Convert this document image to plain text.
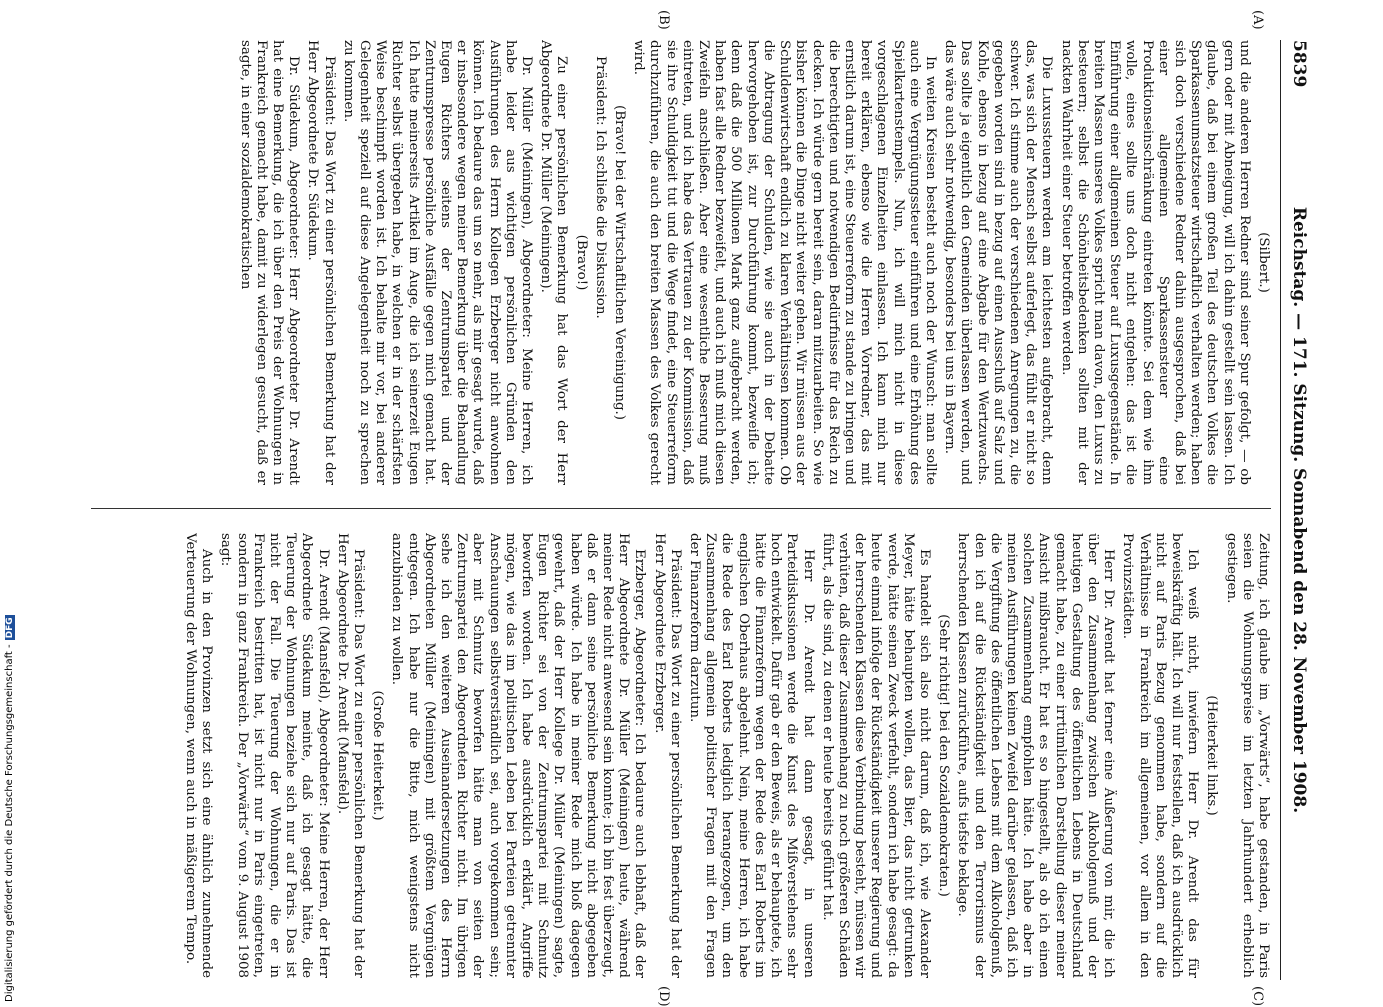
5839
Reichstag. — 171. Sitzung. Sonnabend den 28. November 1908.
(A)
(B)
(C)
(D)

(Silbert.)

und die anderen Herren Redner sind seiner Spur gefolgt, — ob gern oder mit Abneigung, will ich dahin gestellt sein lassen. Ich glaube, daß bei einem großen Teil des deutschen Volkes die Sparkassenumsatzsteuer wirtschaftlich verhalten werden; haben sich doch verschiedene Redner dahin ausgesprochen, daß bei einer allgemeinen Sparkassensteuer eine Produktionseinschränkung eintreten könnte. Sei dem wie ihm wolle, eines sollte uns doch nicht entgehen: das ist die Einführung einer allgemeinen Steuer auf Luxusgegenstände. In breiten Massen unseres Volkes spricht man davon, den Luxus zu besteuern; selbst die Schönheitsbedenken sollten mit der nackten Wahrheit einer Steuer betroffen werden.

Die Luxussteuern werden am leichtesten aufgebracht, denn das, was sich der Mensch selbst auferlegt, das fühlt er nicht so schwer. Ich stimme auch der verschiedenen Anregungen zu, die gegeben worden sind in bezug auf einen Ausschuß auf Salz und Kohle, ebenso in bezug auf eine Abgabe für den Wertzuwachs. Das sollte ja eigentlich den Gemeinden überlassen werden, und das wäre auch sehr notwendig, besonders bei uns in Bayern.

In weiten Kreisen besteht auch noch der Wunsch: man sollte auch eine Vergnügungssteuer einführen und eine Erhöhung des Spielkartenstempels. Nun, ich will mich nicht in diese vorgeschlagenen Einzelheiten einlassen. Ich kann mich nur bereit erklären, ebenso wie die Herren Vorredner, das mit ernstlich darum ist, eine Steuerreform zu stande zu bringen und die berechtigten und notwendigen Bedürfnisse für das Reich zu decken. Ich würde gern bereit sein, daran mitzuarbeiten. So wie bisher können die Dinge nicht weiter gehen. Wir müssen aus der Schuldenwirtschaft endlich zu klaren Verhältnissen kommen. Ob die Abtragung der Schulden, wie sie auch in der Debatte hervorgehoben ist, zur Durchführung kommt, bezweifle ich; denn daß die 500 Millionen Mark ganz aufgebracht werden, haben fast alle Redner bezweifelt, und auch ich muß mich diesen Zweifeln anschließen. Aber eine wesentliche Besserung muß eintreten, und ich habe das Vertrauen zu der Kommission, daß sie ihre Schuldigkeit tut und die Wege findet, eine Steuerreform durchzuführen, die auch den breiten Massen des Volkes gerecht wird.

(Bravo! bei der Wirtschaftlichen Vereinigung.)

Präsident: Ich schließe die Diskussion.

(Bravo!)

Zu einer persönlichen Bemerkung hat das Wort der Herr Abgeordnete Dr. Müller (Meiningen).

Dr. Müller (Meiningen), Abgeordneter: Meine Herren, ich habe leider aus wichtigen persönlichen Gründen den Ausführungen des Herrn Kollegen Erzberger nicht anwohnen können. Ich bedaure das um so mehr, als mir gesagt wurde, daß er insbesondere wegen meiner Bemerkung über die Behandlung Eugen Richters seitens der Zentrumspartei und der Zentrumspresse persönliche Ausfälle gegen mich gemacht hat. Ich hatte meinerseits Artikel im Auge, die ich seinerzeit Eugen Richter selbst übergeben habe, in welchen er in der schärfsten Weise beschimpft worden ist. Ich behalte mir vor, bei anderer Gelegenheit speziell auf diese Angelegenheit noch zu sprechen zu kommen.

Präsident: Das Wort zu einer persönlichen Bemerkung hat der Herr Abgeordnete Dr. Südekum.

Dr. Südekum, Abgeordneter: Herr Abgeordneter Dr. Arendt hat eine Bemerkung, die ich über den Preis der Wohnungen in Frankreich gemacht habe, damit zu widerlegen gesucht, daß er sagte, in einer sozialdemokratischen

Zeitung, ich glaube im „Vorwärts“, habe gestanden, in Paris seien die Wohnungspreise im letzten Jahrhundert erheblich gestiegen.

(Heiterkeit links.)

Ich weiß nicht, inwiefern Herr Dr. Arendt das für beweiskräftig hält. Ich will nur feststellen, daß ich ausdrücklich nicht auf Paris Bezug genommen habe, sondern auf die Verhältnisse in Frankreich im allgemeinen, vor allem in den Provinzstädten.

Herr Dr. Arendt hat ferner eine Äußerung von mir, die ich über den Zusammenhang zwischen Alkoholgenuß und der heutigen Gestaltung des öffentlichen Lebens in Deutschland gemacht habe, zu einer irrtümlichen Darstellung dieser meiner Ansicht mißbraucht. Er hat es so hingestellt, als ob ich einen solchen Zusammenhang empfohlen hätte. Ich habe aber in meinen Ausführungen keinen Zweifel darüber gelassen, daß ich die Vergiftung des öffentlichen Lebens mit dem Alkoholgenuß, den ich auf die Rückständigkeit und den Terrorismus der herrschenden Klassen zurückführe, aufs tiefste beklage.

(Sehr richtig! bei den Sozialdemokraten.)

Es handelt sich also nicht darum, daß ich, wie Alexander Meyer, hätte behaupten wollen, das Bier, das nicht getrunken werde, hätte seinen Zweck verfehlt, sondern ich habe gesagt: da heute einmal infolge der Rückständigkeit unserer Regierung und der herrschenden Klassen diese Verbindung besteht, müssen wir verhüten, daß dieser Zusammenhang zu noch größeren Schäden führt, als die sind, zu denen er heute bereits geführt hat.

Herr Dr. Arendt hat dann gesagt, in unseren Parteidiskussionen werde die Kunst des Mißverstehens sehr hoch entwickelt. Dafür gab er den Beweis, als er behauptete, ich hätte die Finanzreform wegen der Rede des Earl Roberts im englischen Oberhaus abgelehnt. Nein, meine Herren, ich habe die Rede des Earl Roberts lediglich herangezogen, um den Zusammenhang allgemein politischer Fragen mit den Fragen der Finanzreform darzutun.

Präsident: Das Wort zu einer persönlichen Bemerkung hat der Herr Abgeordnete Erzberger.

Erzberger, Abgeordneter: Ich bedaure auch lebhaft, daß der Herr Abgeordnete Dr. Müller (Meiningen) heute, während meiner Rede nicht anwesend sein konnte; ich bin fest überzeugt, daß er dann seine persönliche Bemerkung nicht abgegeben haben würde. Ich habe in meiner Rede mich bloß dagegen gewehrt, daß der Herr Kollege Dr. Müller (Meiningen) sagte, Eugen Richter sei von der Zentrumspartei mit Schmutz beworfen worden. Ich habe ausdrücklich erklärt, Angriffe mögen, wie das im politischen Leben bei Parteien getrennter Anschauungen selbstverständlich sei, auch vorgekommen sein; aber mit Schmutz beworfen hätte man von seiten der Zentrumspartei den Abgeordneten Richter nicht. Im übrigen sehe ich den weiteren Auseinandersetzungen des Herrn Abgeordneten Müller (Meiningen) mit größtem Vergnügen entgegen. Ich habe nur die Bitte, mich wenigstens nicht anzubinden zu wollen.

(Große Heiterkeit.)

Präsident: Das Wort zu einer persönlichen Bemerkung hat der Herr Abgeordnete Dr. Arendt (Mansfeld).

Dr. Arendt (Mansfeld), Abgeordneter: Meine Herren, der Herr Abgeordnete Südekum meinte, daß ich gesagt hätte, die Teuerung der Wohnungen beziehe sich nur auf Paris. Das ist nicht der Fall. Die Teuerung der Wohnungen, die er in Frankreich bestritten hat, ist nicht nur in Paris eingetreten, sondern in ganz Frankreich. Der „Vorwärts“ vom 9. August 1908 sagt:

Auch in den Provinzen setzt sich eine ähnlich zunehmende Verteuerung der Wohnungen, wenn auch in mäßigerem Tempo.

Digitalisierung gefördert durch die Deutsche Forschungsgemeinschaft -DFG
